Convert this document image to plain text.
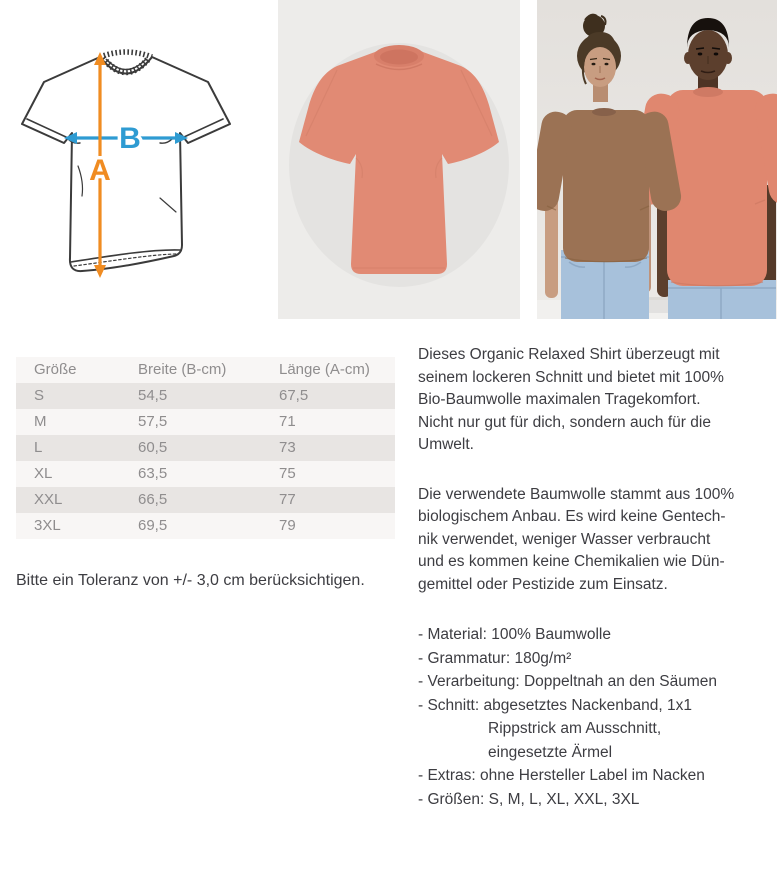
B
A
Größe	Breite (B-cm)	Länge (A-cm)
S	54,5	67,5
M	57,5	71
L	60,5	73
XL	63,5	75
XXL	66,5	77
3XL	69,5	79

Bitte ein Toleranz von +/- 3,0 cm berücksichtigen.

Dieses Organic Relaxed Shirt überzeugt mit
seinem lockeren Schnitt und bietet mit 100%
Bio-Baumwolle maximalen Tragekomfort.
Nicht nur gut für dich, sondern auch für die
Umwelt.
Die verwendete Baumwolle stammt aus 100%
biologischem Anbau. Es wird keine Gentech-
nik verwendet, weniger Wasser verbraucht
und es kommen keine Chemikalien wie Dün-
gemittel oder Pestizide zum Einsatz.
- Material: 100% Baumwolle
- Grammatur: 180g/m²
- Verarbeitung: Doppeltnah an den Säumen
- Schnitt: abgesetztes Nackenband, 1x1
Rippstrick am Ausschnitt,
eingesetzte Ärmel
- Extras: ohne Hersteller Label im Nacken
- Größen: S, M, L, XL, XXL, 3XL
